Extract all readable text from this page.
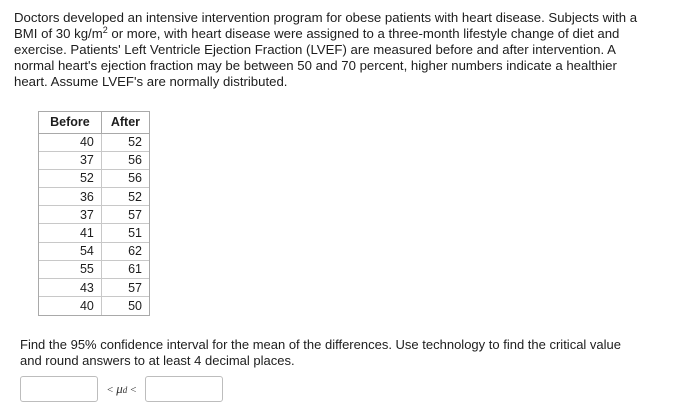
Doctors developed an intensive intervention program for obese patients with heart disease. Subjects with a
BMI of 30 $kg/m^2$ or more, with heart disease were assigned to a three-month lifestyle change of diet and
exercise. Patients' Left Ventricle Ejection Fraction (LVEF) are measured before and after intervention. A
normal heart's ejection fraction may be between 50 and 70 percent, higher numbers indicate a healthier
heart. Assume LVEF's are normally distributed.

Before	After
40	52
37	56
52	56
36	52
37	57
41	51
54	62
55	61
43	57
40	50
Find the 95% confidence interval for the mean of the differences. Use technology to find the critical value
and round answers to at least 4 decimal places.
< μ d <
